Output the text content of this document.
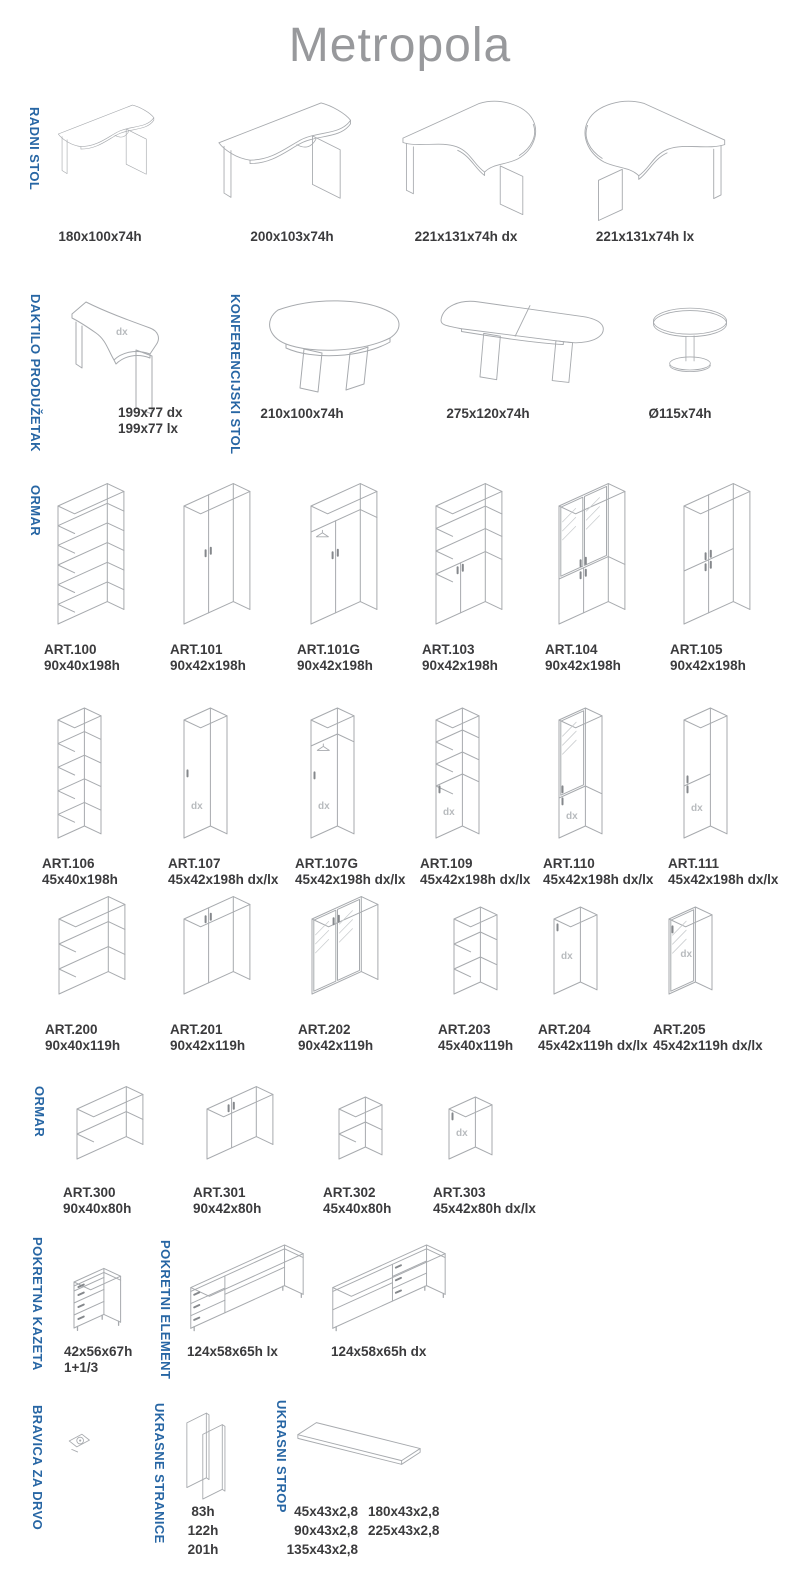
Metropola
RADNI STOL
DAKTILO PRODUŽETAK	KONFERENCIJSKI STOL
ORMAR
ORMAR
POKRETNA KAZETA	POKRETNI ELEMENT
BRAVICA ZA DRVO	UKRASNE STRANICE	UKRASNI STROP
180x100x74h	200x103x74h	221x131x74h dx	221x131x74h lx
dx
199x77 dx
199x77 lx
210x100x74h	275x120x74h	Ø115x74h
ART.100
90x40x198h
ART.101
90x42x198h
ART.101G
90x42x198h
ART.103
90x42x198h
ART.104
90x42x198h
ART.105
90x42x198h
ART.106
45x40x198h
dx
ART.107
45x42x198h dx/lx
dx
ART.107G
45x42x198h dx/lx
dx
ART.109
45x42x198h dx/lx
dx
ART.110
45x42x198h dx/lx
dx
ART.111
45x42x198h dx/lx
ART.200
90x40x119h
ART.201
90x42x119h
ART.202
90x42x119h
ART.203
45x40x119h
dx
ART.204
45x42x119h dx/lx
dx
ART.205
45x42x119h dx/lx
ART.300
90x40x80h
ART.301
90x42x80h
ART.302
45x40x80h
dx
ART.303
45x42x80h dx/lx
42x56x67h
1+1/3
124x58x65h lx	124x58x65h dx
83h
122h
201h
45x43x2,8
90x43x2,8
135x43x2,8
180x43x2,8
225x43x2,8
